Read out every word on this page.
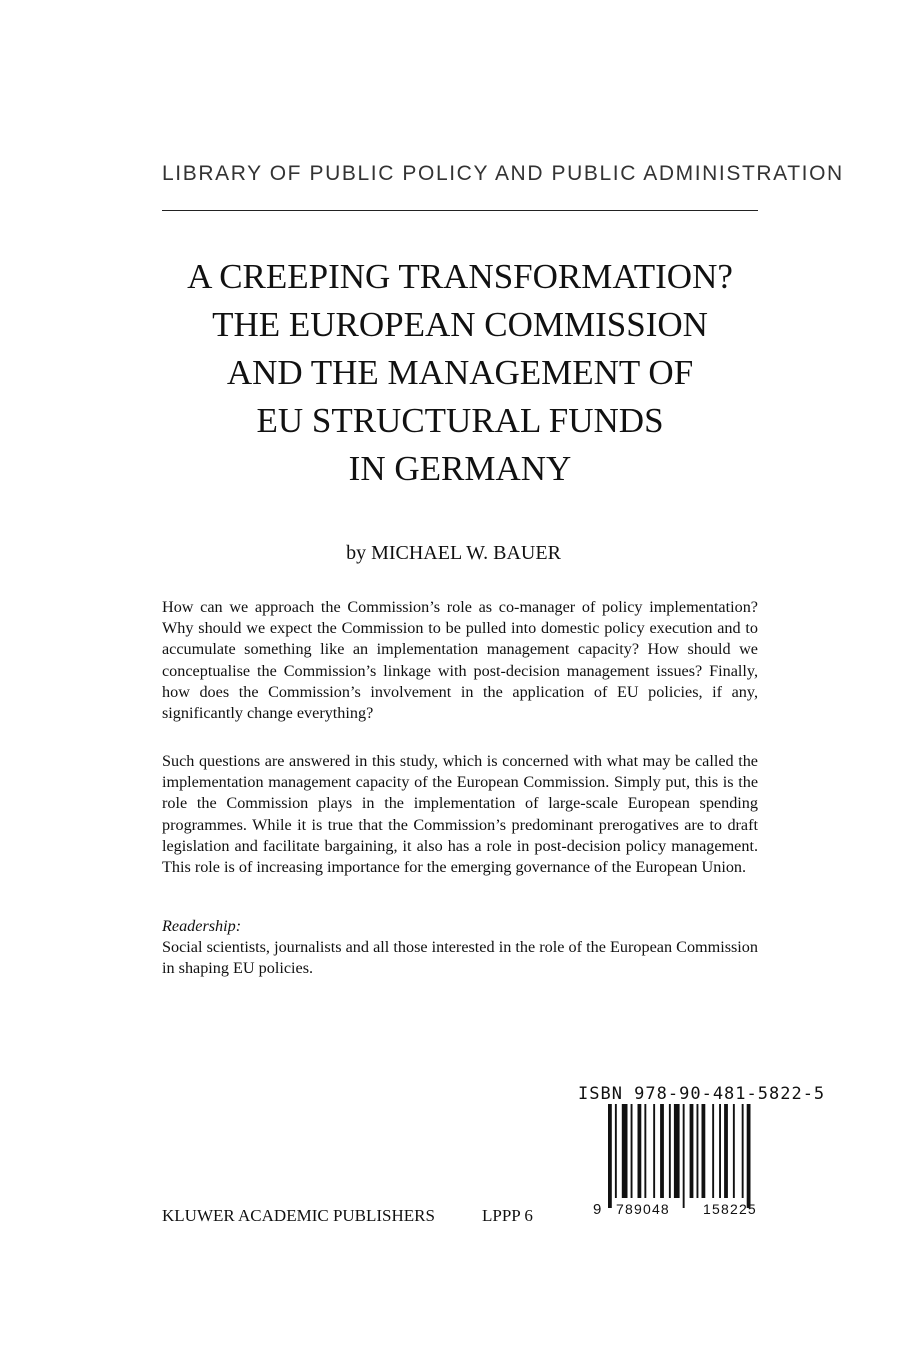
LIBRARY OF PUBLIC POLICY AND PUBLIC ADMINISTRATION
A CREEPING TRANSFORMATION?
THE EUROPEAN COMMISSION
AND THE MANAGEMENT OF
EU STRUCTURAL FUNDS
IN GERMANY
by MICHAEL W. BAUER
How can we approach the Commission’s role as co-manager of policy implementation? Why should we expect the Commission to be pulled into domestic policy execution and to accumulate something like an implementation management capacity? How should we conceptualise the Commission’s linkage with post-decision management issues? Finally, how does the Commission’s involvement in the application of EU policies, if any, significantly change everything?
Such questions are answered in this study, which is concerned with what may be called the implementation management capacity of the European Commission. Simply put, this is the role the Commission plays in the implementation of large-scale European spending programmes. While it is true that the Commission’s predominant prerogatives are to draft legislation and facilitate bargaining, it also has a role in post-decision policy management. This role is of increasing importance for the emerging governance of the European Union.
Readership:
Social scientists, journalists and all those interested in the role of the European Commission in shaping EU policies.
ISBN 978-90-481-5822-5
9 789048 158225
KLUWER ACADEMIC PUBLISHERS	LPPP 6
